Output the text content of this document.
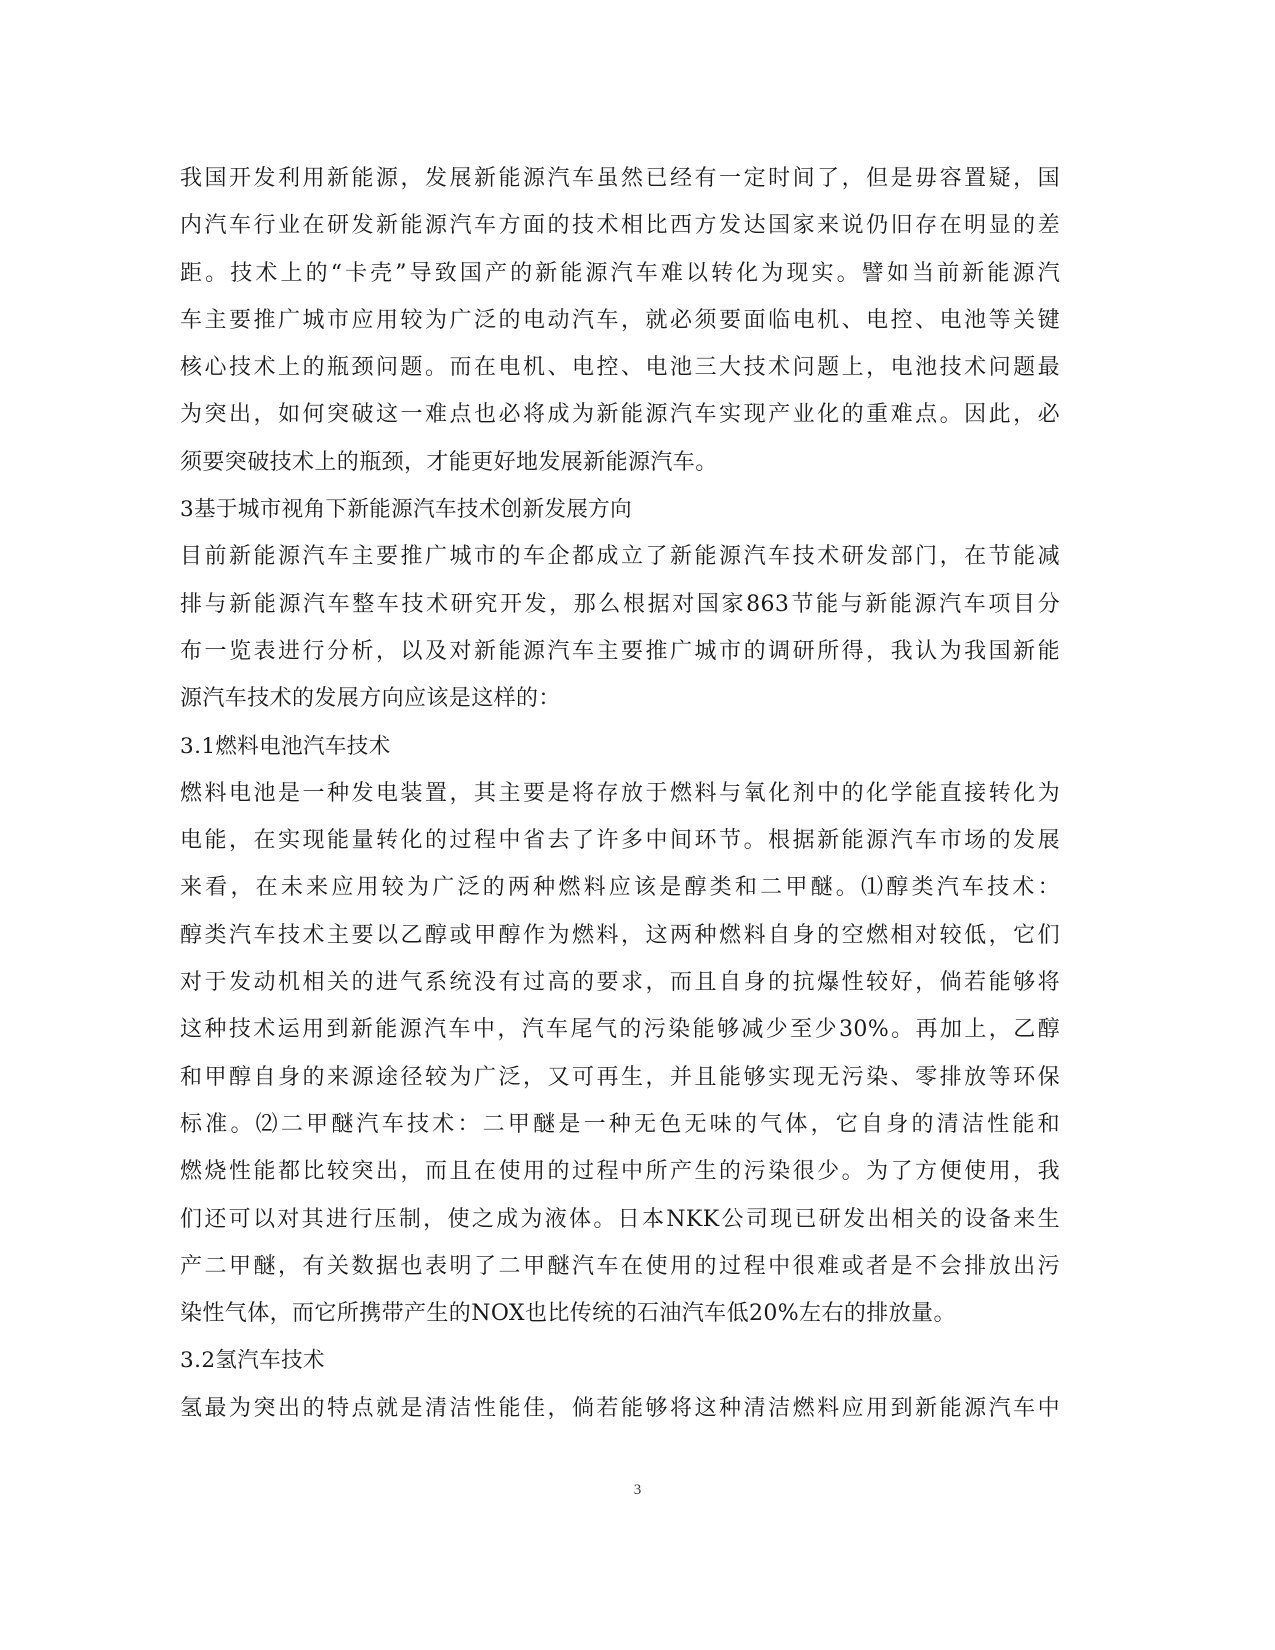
我国开发利用新能源，发展新能源汽车虽然已经有一定时间了，但是毋容置疑，国
内汽车行业在研发新能源汽车方面的技术相比西方发达国家来说仍旧存在明显的差
距。技术上的“卡壳”导致国产的新能源汽车难以转化为现实。譬如当前新能源汽
车主要推广城市应用较为广泛的电动汽车，就必须要面临电机、电控、电池等关键
核心技术上的瓶颈问题。而在电机、电控、电池三大技术问题上，电池技术问题最
为突出，如何突破这一难点也必将成为新能源汽车实现产业化的重难点。因此，必
须要突破技术上的瓶颈，才能更好地发展新能源汽车。
3基于城市视角下新能源汽车技术创新发展方向
目前新能源汽车主要推广城市的车企都成立了新能源汽车技术研发部门，在节能减
排与新能源汽车整车技术研究开发，那么根据对国家863节能与新能源汽车项目分
布一览表进行分析，以及对新能源汽车主要推广城市的调研所得，我认为我国新能
源汽车技术的发展方向应该是这样的：
3.1燃料电池汽车技术
燃料电池是一种发电装置，其主要是将存放于燃料与氧化剂中的化学能直接转化为
电能，在实现能量转化的过程中省去了许多中间环节。根据新能源汽车市场的发展
来看，在未来应用较为广泛的两种燃料应该是醇类和二甲醚。⑴醇类汽车技术：
醇类汽车技术主要以乙醇或甲醇作为燃料，这两种燃料自身的空燃相对较低，它们
对于发动机相关的进气系统没有过高的要求，而且自身的抗爆性较好，倘若能够将
这种技术运用到新能源汽车中，汽车尾气的污染能够减少至少30%。再加上，乙醇
和甲醇自身的来源途径较为广泛，又可再生，并且能够实现无污染、零排放等环保
标准。⑵二甲醚汽车技术：二甲醚是一种无色无味的气体，它自身的清洁性能和
燃烧性能都比较突出，而且在使用的过程中所产生的污染很少。为了方便使用，我
们还可以对其进行压制，使之成为液体。日本NKK公司现已研发出相关的设备来生
产二甲醚，有关数据也表明了二甲醚汽车在使用的过程中很难或者是不会排放出污
染性气体，而它所携带产生的NOX也比传统的石油汽车低20%左右的排放量。
3.2氢汽车技术
氢最为突出的特点就是清洁性能佳，倘若能够将这种清洁燃料应用到新能源汽车中
3
